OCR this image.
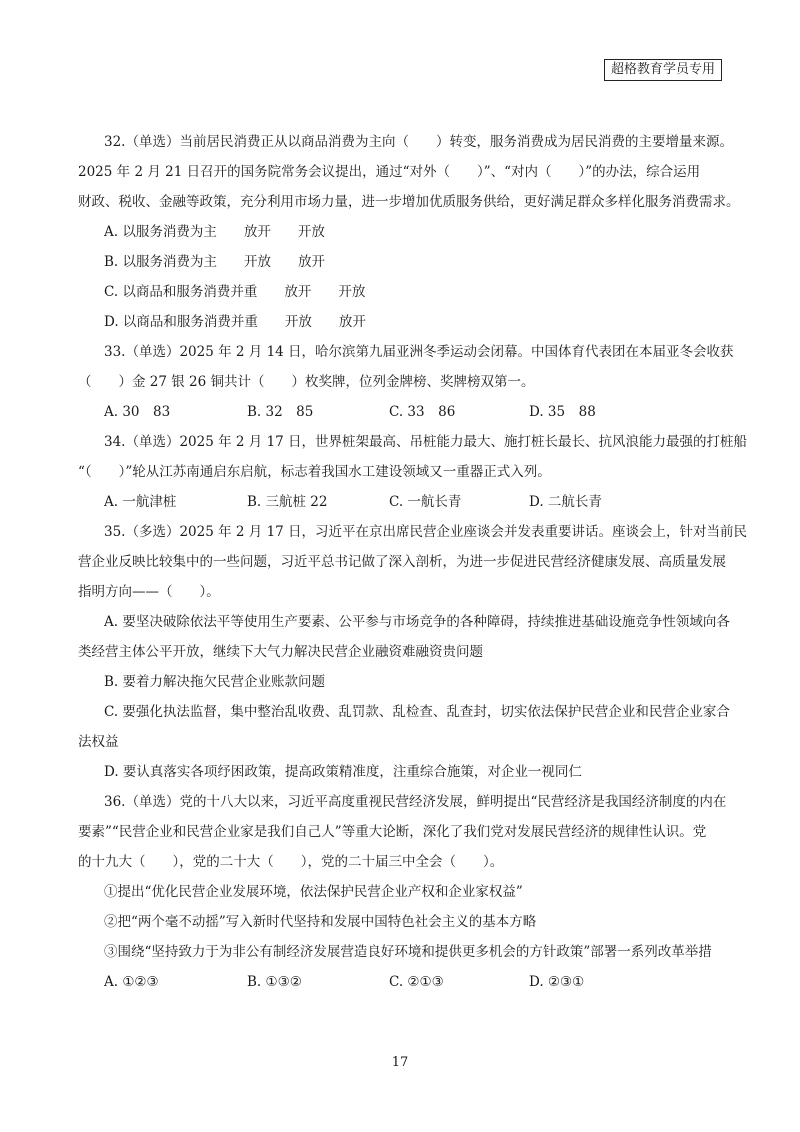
超格教育学员专用
32.（单选）当前居民消费正从以商品消费为主向（　　）转变，服务消费成为居民消费的主要增量来源。
2025 年 2 月 21 日召开的国务院常务会议提出，通过“对外（　　）”、“对内（　　）”的办法，综合运用
财政、税收、金融等政策，充分利用市场力量，进一步增加优质服务供给，更好满足群众多样化服务消费需求。
A. 以服务消费为主　　放开　　开放
B. 以服务消费为主　　开放　　放开
C. 以商品和服务消费并重　　放开　　开放
D. 以商品和服务消费并重　　开放　　放开
33.（单选）2025 年 2 月 14 日，哈尔滨第九届亚洲冬季运动会闭幕。中国体育代表团在本届亚冬会收获
（　　）金 27 银 26 铜共计（　　）枚奖牌，位列金牌榜、奖牌榜双第一。
A. 30　83	B. 32　85	C. 33　86	D. 35　88
34.（单选）2025 年 2 月 17 日，世界桩架最高、吊桩能力最大、施打桩长最长、抗风浪能力最强的打桩船
“（　　）”轮从江苏南通启东启航，标志着我国水工建设领域又一重器正式入列。
A. 一航津桩	B. 三航桩 22	C. 一航长青	D. 二航长青
35.（多选）2025 年 2 月 17 日，习近平在京出席民营企业座谈会并发表重要讲话。座谈会上，针对当前民
营企业反映比较集中的一些问题，习近平总书记做了深入剖析，为进一步促进民营经济健康发展、高质量发展
指明方向——（　　）。
A. 要坚决破除依法平等使用生产要素、公平参与市场竞争的各种障碍，持续推进基础设施竞争性领域向各
类经营主体公平开放，继续下大气力解决民营企业融资难融资贵问题
B. 要着力解决拖欠民营企业账款问题
C. 要强化执法监督，集中整治乱收费、乱罚款、乱检查、乱查封，切实依法保护民营企业和民营企业家合
法权益
D. 要认真落实各项纾困政策，提高政策精准度，注重综合施策，对企业一视同仁
36.（单选）党的十八大以来，习近平高度重视民营经济发展，鲜明提出“民营经济是我国经济制度的内在
要素”“民营企业和民营企业家是我们自己人”等重大论断，深化了我们党对发展民营经济的规律性认识。党
的十九大（　　），党的二十大（　　），党的二十届三中全会（　　）。
①提出“优化民营企业发展环境，依法保护民营企业产权和企业家权益”
②把“两个毫不动摇”写入新时代坚持和发展中国特色社会主义的基本方略
③围绕“坚持致力于为非公有制经济发展营造良好环境和提供更多机会的方针政策”部署一系列改革举措
A. ①②③	B. ①③②	C. ②①③	D. ②③①
17
